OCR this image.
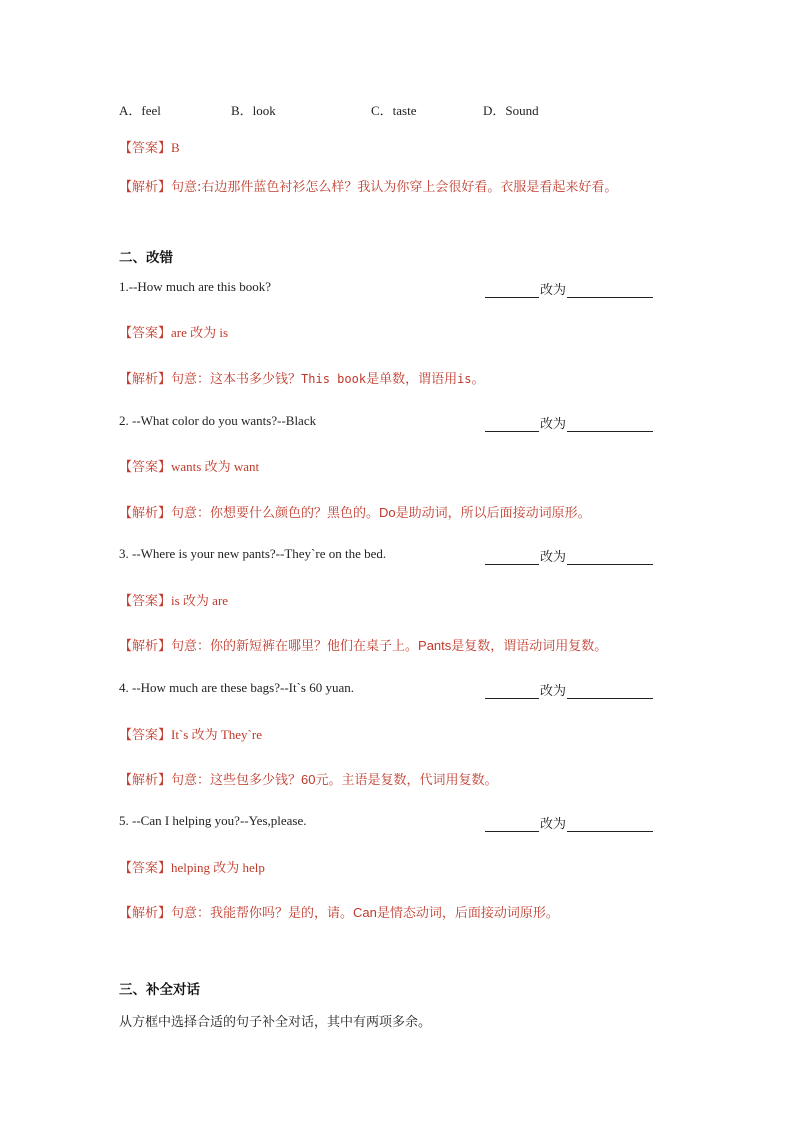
A．feel	B．look	C．taste	D．Sound
【答案】B
【解析】句意:右边那件蓝色衬衫怎么样？我认为你穿上会很好看。衣服是看起来好看。
二、改错
1.--How much are this book?	改为
【答案】are 改为 is
【解析】句意：这本书多少钱？This book是单数，谓语用is。
2. --What color do you wants?--Black	改为
【答案】wants 改为 want
【解析】句意：你想要什么颜色的？黑色的。Do是助动词，所以后面接动词原形。
3. --Where is your new pants?--They`re on the bed.	改为
【答案】is 改为 are
【解析】句意：你的新短裤在哪里？他们在桌子上。Pants是复数，谓语动词用复数。
4. --How much are these bags?--It`s 60 yuan.	改为
【答案】It`s 改为 They`re
【解析】句意：这些包多少钱？60元。主语是复数，代词用复数。
5. --Can I helping you?--Yes,please.	改为
【答案】helping 改为 help
【解析】句意：我能帮你吗？是的，请。Can是情态动词，后面接动词原形。
三、补全对话
从方框中选择合适的句子补全对话，其中有两项多余。
